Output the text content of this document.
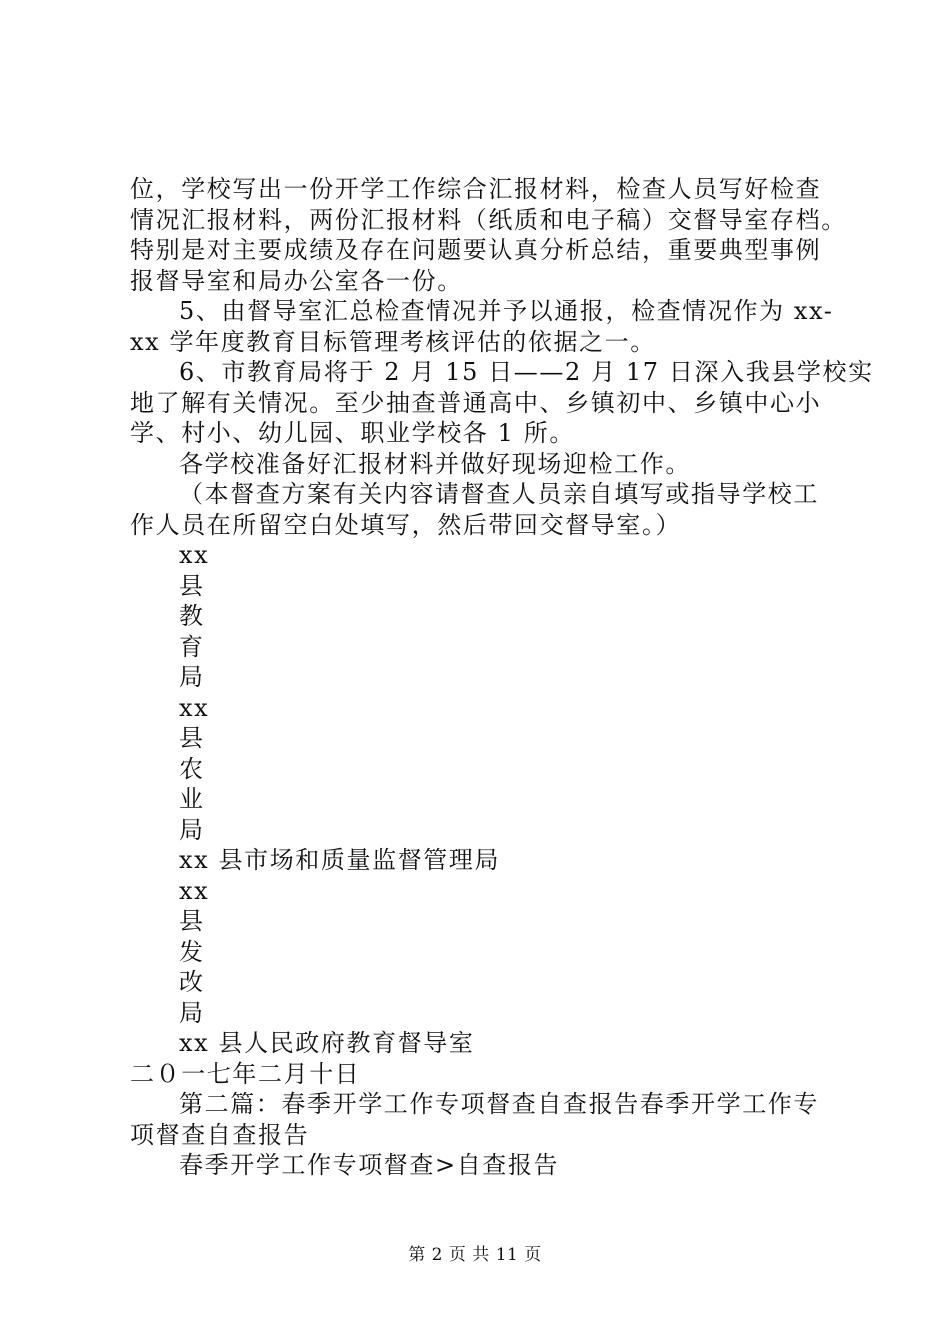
位，学校写出一份开学工作综合汇报材料，检查人员写好检查
情况汇报材料，两份汇报材料（纸质和电子稿）交督导室存档。
特别是对主要成绩及存在问题要认真分析总结，重要典型事例
报督导室和局办公室各一份。
5、由督导室汇总检查情况并予以通报，检查情况作为 xx-
xx 学年度教育目标管理考核评估的依据之一。
6、市教育局将于 2 月 15 日——2 月 17 日深入我县学校实
地了解有关情况。至少抽查普通高中、乡镇初中、乡镇中心小
学、村小、幼儿园、职业学校各 1 所。
各学校准备好汇报材料并做好现场迎检工作。
（本督查方案有关内容请督查人员亲自填写或指导学校工
作人员在所留空白处填写，然后带回交督导室。）
xx
县
教
育
局
xx
县
农
业
局
xx 县市场和质量监督管理局
xx
县
发
改
局
xx 县人民政府教育督导室
二０一七年二月十日
第二篇：春季开学工作专项督查自查报告春季开学工作专
项督查自查报告
春季开学工作专项督查>自查报告
第 2 页 共 11 页
